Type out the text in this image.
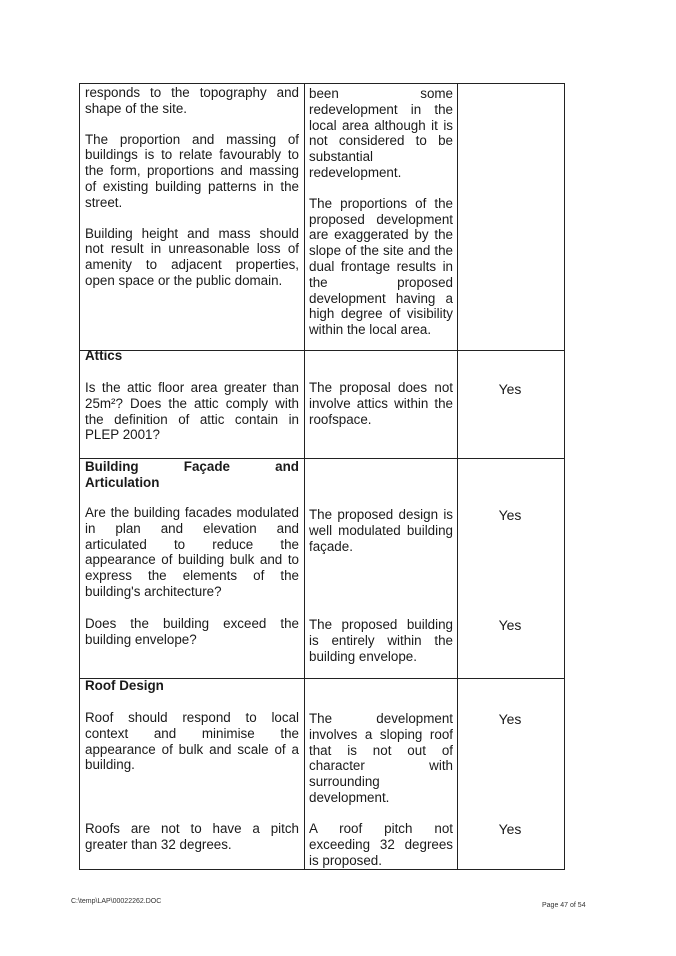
responds to the topography and shape of the site.
The proportion and massing of buildings is to relate favourably to the form, proportions and massing of existing building patterns in the street.
Building height and mass should not result in unreasonable loss of amenity to adjacent properties, open space or the public domain.
been some redevelopment in the local area although it is not considered to be substantial redevelopment.
The proportions of the proposed development are exaggerated by the slope of the site and the dual frontage results in the proposed development having a high degree of visibility within the local area.
Attics
Is the attic floor area greater than 25m²? Does the attic comply with the definition of attic contain in PLEP 2001?
The proposal does not involve attics within the roofspace.
Yes
Building Façade and
Articulation
Are the building facades modulated in plan and elevation and articulated to reduce the appearance of building bulk and to express the elements of the building's architecture?
The proposed design is well modulated building façade.
Yes
Does the building exceed the building envelope?
The proposed building is entirely within the building envelope.
Yes
Roof Design
Roof should respond to local context and minimise the appearance of bulk and scale of a building.
The development involves a sloping roof that is not out of character with surrounding development.
Yes
Roofs are not to have a pitch greater than 32 degrees.
A roof pitch not exceeding 32 degrees is proposed.
Yes
C:\temp\LAP\00022262.DOC
Page 47 of 54
